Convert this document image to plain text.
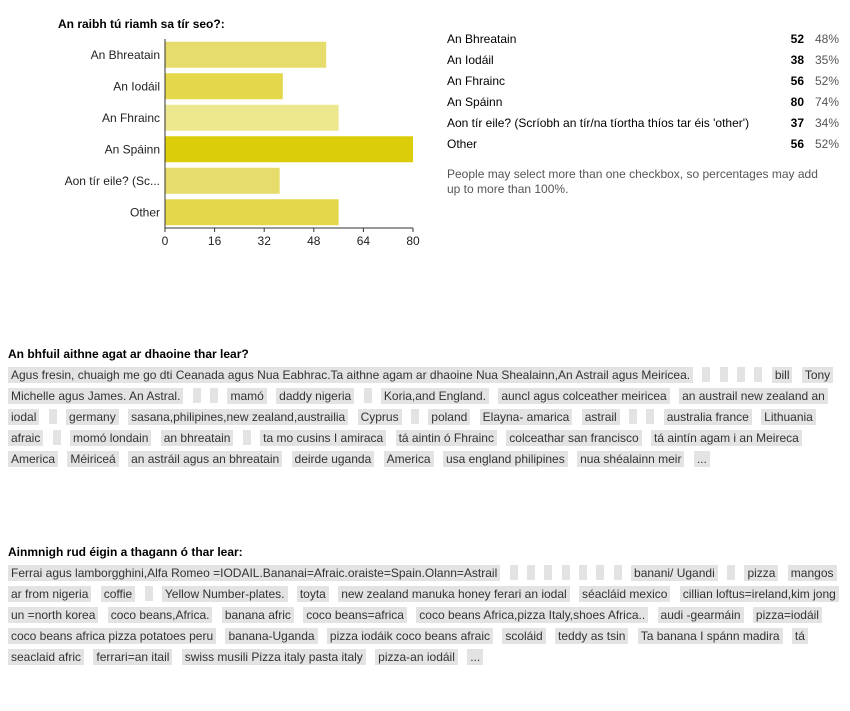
An raibh tú riamh sa tír seo?:
An Bhreatain
An Iodáil
An Fhrainc
An Spáinn
Aon tír eile? (Sc...
Other
0	16	32	48	64	80
An Bhreatain	52 48%
An Iodáil	38 35%
An Fhrainc	56 52%
An Spáinn	80 74%
Aon tír eile? (Scríobh an tír/na tíortha thíos tar éis 'other')	37 34%
Other	56 52%
People may select more than one checkbox, so percentages may add up to more than 100%.
An bhfuil aithne agat ar dhaoine thar lear?
Agus fresin, chuaigh me go dti Ceanada agus Nua Eabhrac.Ta aithne agam ar dhaoine Nua Shealainn,An Astrail agus Meiricea.	bill Tony Michelle agus James. An Astral.	mamó daddy nigeria	Koria,and England. auncl agus colceather meiricea an austrail new zealand an iodal	germany sasana,philipines,new zealand,austrailia Cyprus	poland Elayna- amarica astrail	australia france Lithuania afraic	momó londain an bhreatain	ta mo cusins I amiraca tá aintin ó Fhrainc colceathar san francisco tá aintín agam i an Meireca America Méiriceá an astráil agus an bhreatain deirde uganda America usa england philipines nua shéalainn meir ...
Ainmnigh rud éigin a thagann ó thar lear:
Ferrai agus lamborgghini,Alfa Romeo =IODAIL.Bananai=Afraic.oraiste=Spain.Olann=Astrail	banani/ Ugandi	pizza mangos ar from nigeria coffie	Yellow Number-plates. toyta new zealand manuka honey ferari an iodal séacláid mexico cillian loftus=ireland,kim jong un =north korea coco beans,Africa. banana afric coco beans=africa coco beans Africa,pizza Italy,shoes Africa.. audi -gearmáin pizza=iodáil coco beans africa pizza potatoes peru banana-Uganda pizza iodáik coco beans afraic scoláid teddy as tsin Ta banana I spánn madira tá seaclaid afric ferrari=an itail swiss musili Pizza italy pasta italy pizza-an iodáil ...
